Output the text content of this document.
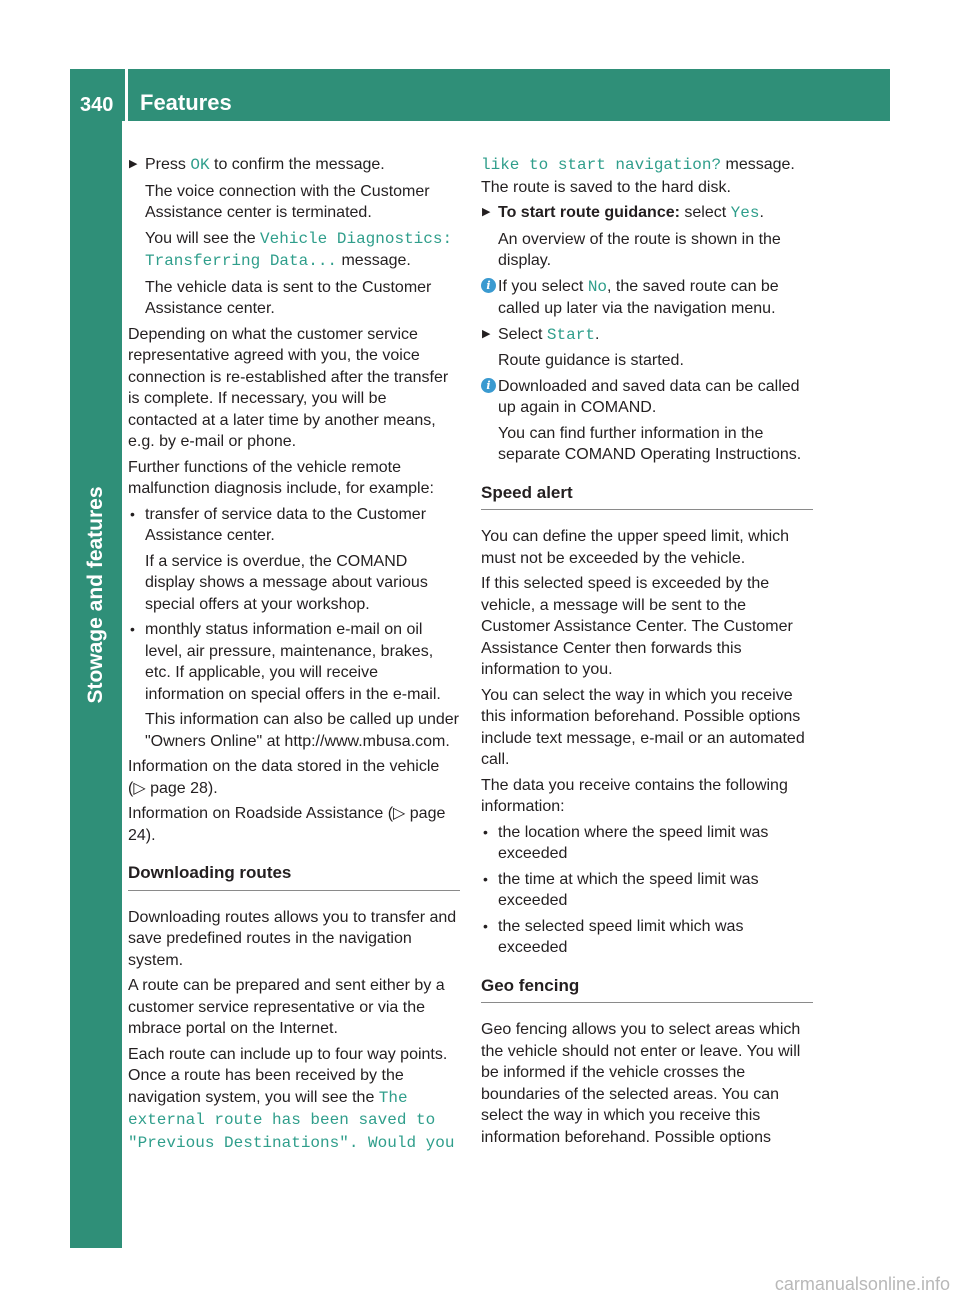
340 Features
Stowage and features
▶ Press OK to confirm the message.
The voice connection with the Customer Assistance center is terminated.
You will see the Vehicle Diagnostics: Transferring Data... message.
The vehicle data is sent to the Customer Assistance center.
Depending on what the customer service representative agreed with you, the voice connection is re-established after the transfer is complete. If necessary, you will be contacted at a later time by another means, e.g. by e-mail or phone.
Further functions of the vehicle remote malfunction diagnosis include, for example:
• transfer of service data to the Customer Assistance center.
If a service is overdue, the COMAND display shows a message about various special offers at your workshop.
• monthly status information e-mail on oil level, air pressure, maintenance, brakes, etc. If applicable, you will receive information on special offers in the e-mail.
This information can also be called up under "Owners Online" at http://www.mbusa.com.
Information on the data stored in the vehicle (▷ page 28).
Information on Roadside Assistance (▷ page 24).
Downloading routes
Downloading routes allows you to transfer and save predefined routes in the navigation system.
A route can be prepared and sent either by a customer service representative or via the mbrace portal on the Internet.
Each route can include up to four way points. Once a route has been received by the navigation system, you will see the The external route has been saved to "Previous Destinations". Would you
like to start navigation? message. The route is saved to the hard disk.
▶ To start route guidance: select Yes.
An overview of the route is shown in the display.
i If you select No, the saved route can be called up later via the navigation menu.
▶ Select Start.
Route guidance is started.
i Downloaded and saved data can be called up again in COMAND.
You can find further information in the separate COMAND Operating Instructions.
Speed alert
You can define the upper speed limit, which must not be exceeded by the vehicle.
If this selected speed is exceeded by the vehicle, a message will be sent to the Customer Assistance Center. The Customer Assistance Center then forwards this information to you.
You can select the way in which you receive this information beforehand. Possible options include text message, e-mail or an automated call.
The data you receive contains the following information:
• the location where the speed limit was exceeded
• the time at which the speed limit was exceeded
• the selected speed limit which was exceeded
Geo fencing
Geo fencing allows you to select areas which the vehicle should not enter or leave. You will be informed if the vehicle crosses the boundaries of the selected areas. You can select the way in which you receive this information beforehand. Possible options
carmanualsonline.info
